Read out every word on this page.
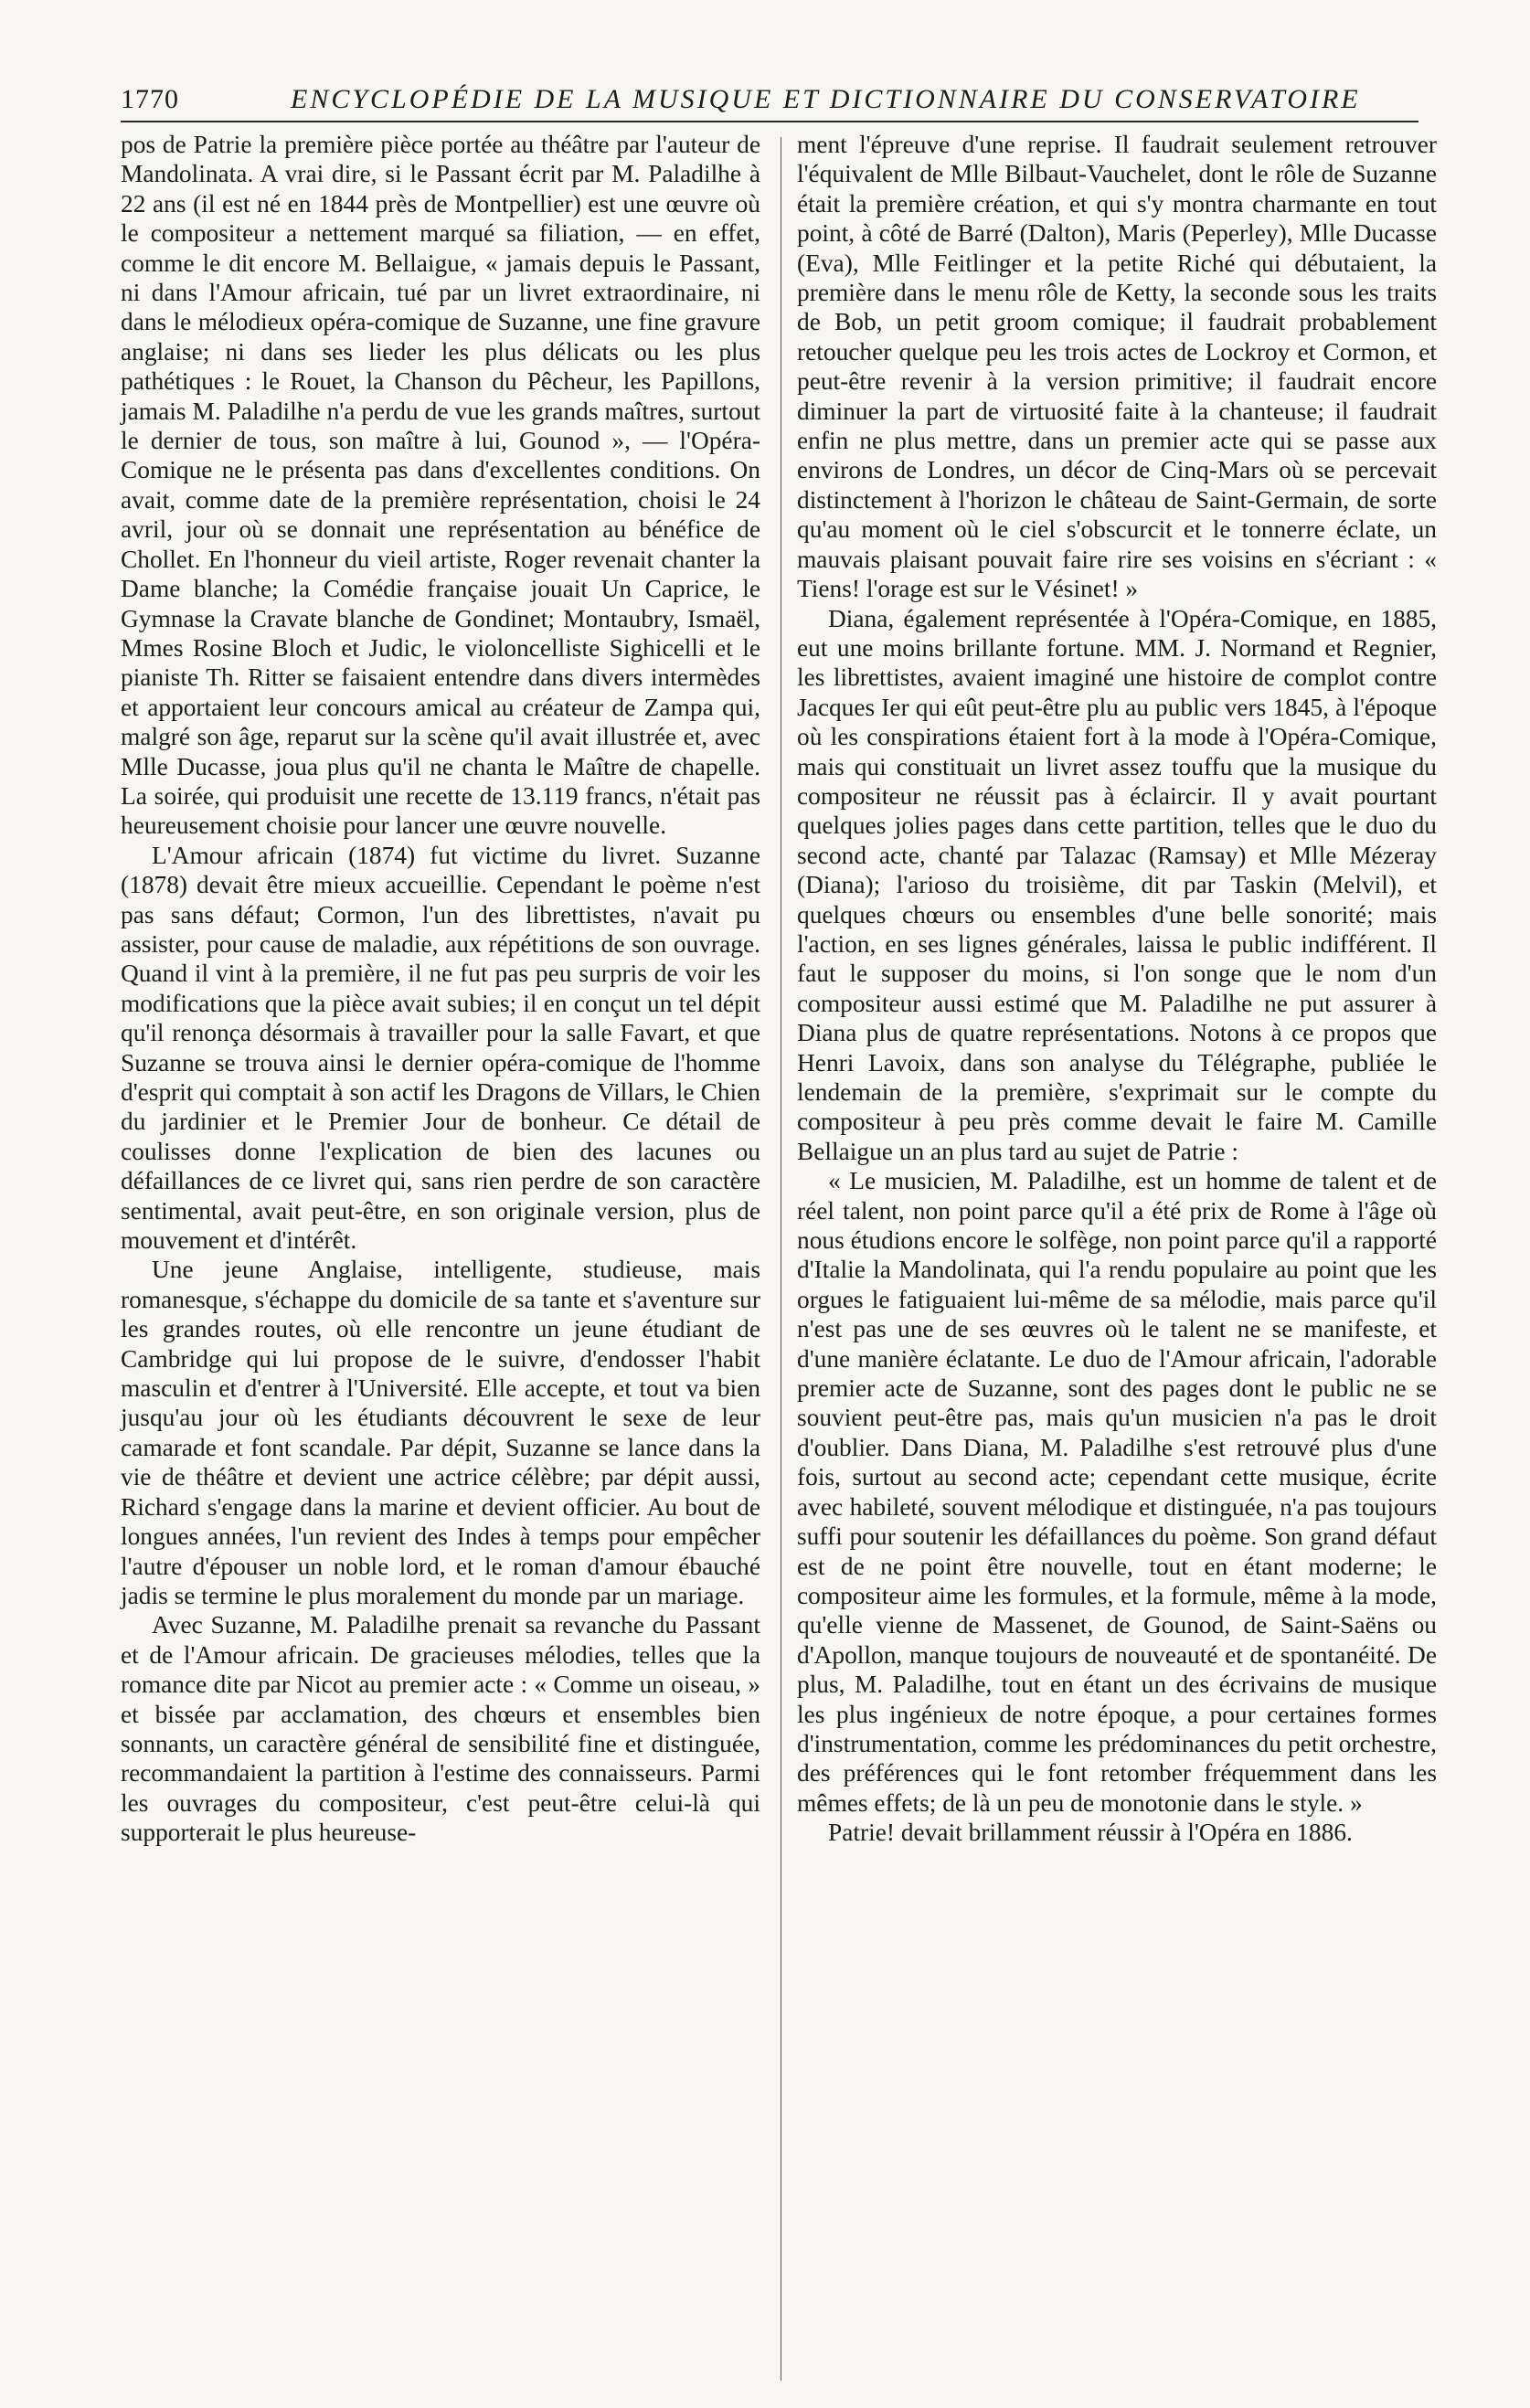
1770	ENCYCLOPÉDIE DE LA MUSIQUE ET DICTIONNAIRE DU CONSERVATOIRE

pos de Patrie la première pièce portée au théâtre par l'auteur de Mandolinata. A vrai dire, si le Passant écrit par M. Paladilhe à 22 ans (il est né en 1844 près de Montpellier) est une œuvre où le compositeur a nettement marqué sa filiation, — en effet, comme le dit encore M. Bellaigue, « jamais depuis le Passant, ni dans l'Amour africain, tué par un livret extraordinaire, ni dans le mélodieux opéra-comique de Suzanne, une fine gravure anglaise; ni dans ses lieder les plus délicats ou les plus pathétiques : le Rouet, la Chanson du Pêcheur, les Papillons, jamais M. Paladilhe n'a perdu de vue les grands maîtres, surtout le dernier de tous, son maître à lui, Gounod », — l'Opéra-Comique ne le présenta pas dans d'excellentes conditions. On avait, comme date de la première représentation, choisi le 24 avril, jour où se donnait une représentation au bénéfice de Chollet. En l'honneur du vieil artiste, Roger revenait chanter la Dame blanche; la Comédie française jouait Un Caprice, le Gymnase la Cravate blanche de Gondinet; Montaubry, Ismaël, Mmes Rosine Bloch et Judic, le violoncelliste Sighicelli et le pianiste Th. Ritter se faisaient entendre dans divers intermèdes et apportaient leur concours amical au créateur de Zampa qui, malgré son âge, reparut sur la scène qu'il avait illustrée et, avec Mlle Ducasse, joua plus qu'il ne chanta le Maître de chapelle. La soirée, qui produisit une recette de 13.119 francs, n'était pas heureusement choisie pour lancer une œuvre nouvelle.

L'Amour africain (1874) fut victime du livret. Suzanne (1878) devait être mieux accueillie. Cependant le poème n'est pas sans défaut; Cormon, l'un des librettistes, n'avait pu assister, pour cause de maladie, aux répétitions de son ouvrage. Quand il vint à la première, il ne fut pas peu surpris de voir les modifications que la pièce avait subies; il en conçut un tel dépit qu'il renonça désormais à travailler pour la salle Favart, et que Suzanne se trouva ainsi le dernier opéra-comique de l'homme d'esprit qui comptait à son actif les Dragons de Villars, le Chien du jardinier et le Premier Jour de bonheur. Ce détail de coulisses donne l'explication de bien des lacunes ou défaillances de ce livret qui, sans rien perdre de son caractère sentimental, avait peut-être, en son originale version, plus de mouvement et d'intérêt.

Une jeune Anglaise, intelligente, studieuse, mais romanesque, s'échappe du domicile de sa tante et s'aventure sur les grandes routes, où elle rencontre un jeune étudiant de Cambridge qui lui propose de le suivre, d'endosser l'habit masculin et d'entrer à l'Université. Elle accepte, et tout va bien jusqu'au jour où les étudiants découvrent le sexe de leur camarade et font scandale. Par dépit, Suzanne se lance dans la vie de théâtre et devient une actrice célèbre; par dépit aussi, Richard s'engage dans la marine et devient officier. Au bout de longues années, l'un revient des Indes à temps pour empêcher l'autre d'épouser un noble lord, et le roman d'amour ébauché jadis se termine le plus moralement du monde par un mariage.

Avec Suzanne, M. Paladilhe prenait sa revanche du Passant et de l'Amour africain. De gracieuses mélodies, telles que la romance dite par Nicot au premier acte : « Comme un oiseau, » et bissée par acclamation, des chœurs et ensembles bien sonnants, un caractère général de sensibilité fine et distinguée, recommandaient la partition à l'estime des connaisseurs. Parmi les ouvrages du compositeur, c'est peut-être celui-là qui supporterait le plus heureuse-

ment l'épreuve d'une reprise. Il faudrait seulement retrouver l'équivalent de Mlle Bilbaut-Vauchelet, dont le rôle de Suzanne était la première création, et qui s'y montra charmante en tout point, à côté de Barré (Dalton), Maris (Peperley), Mlle Ducasse (Eva), Mlle Feitlinger et la petite Riché qui débutaient, la première dans le menu rôle de Ketty, la seconde sous les traits de Bob, un petit groom comique; il faudrait probablement retoucher quelque peu les trois actes de Lockroy et Cormon, et peut-être revenir à la version primitive; il faudrait encore diminuer la part de virtuosité faite à la chanteuse; il faudrait enfin ne plus mettre, dans un premier acte qui se passe aux environs de Londres, un décor de Cinq-Mars où se percevait distinctement à l'horizon le château de Saint-Germain, de sorte qu'au moment où le ciel s'obscurcit et le tonnerre éclate, un mauvais plaisant pouvait faire rire ses voisins en s'écriant : « Tiens! l'orage est sur le Vésinet! »

Diana, également représentée à l'Opéra-Comique, en 1885, eut une moins brillante fortune. MM. J. Normand et Regnier, les librettistes, avaient imaginé une histoire de complot contre Jacques Ier qui eût peut-être plu au public vers 1845, à l'époque où les conspirations étaient fort à la mode à l'Opéra-Comique, mais qui constituait un livret assez touffu que la musique du compositeur ne réussit pas à éclaircir. Il y avait pourtant quelques jolies pages dans cette partition, telles que le duo du second acte, chanté par Talazac (Ramsay) et Mlle Mézeray (Diana); l'arioso du troisième, dit par Taskin (Melvil), et quelques chœurs ou ensembles d'une belle sonorité; mais l'action, en ses lignes générales, laissa le public indifférent. Il faut le supposer du moins, si l'on songe que le nom d'un compositeur aussi estimé que M. Paladilhe ne put assurer à Diana plus de quatre représentations. Notons à ce propos que Henri Lavoix, dans son analyse du Télégraphe, publiée le lendemain de la première, s'exprimait sur le compte du compositeur à peu près comme devait le faire M. Camille Bellaigue un an plus tard au sujet de Patrie :

« Le musicien, M. Paladilhe, est un homme de talent et de réel talent, non point parce qu'il a été prix de Rome à l'âge où nous étudions encore le solfège, non point parce qu'il a rapporté d'Italie la Mandolinata, qui l'a rendu populaire au point que les orgues le fatiguaient lui-même de sa mélodie, mais parce qu'il n'est pas une de ses œuvres où le talent ne se manifeste, et d'une manière éclatante. Le duo de l'Amour africain, l'adorable premier acte de Suzanne, sont des pages dont le public ne se souvient peut-être pas, mais qu'un musicien n'a pas le droit d'oublier. Dans Diana, M. Paladilhe s'est retrouvé plus d'une fois, surtout au second acte; cependant cette musique, écrite avec habileté, souvent mélodique et distinguée, n'a pas toujours suffi pour soutenir les défaillances du poème. Son grand défaut est de ne point être nouvelle, tout en étant moderne; le compositeur aime les formules, et la formule, même à la mode, qu'elle vienne de Massenet, de Gounod, de Saint-Saëns ou d'Apollon, manque toujours de nouveauté et de spontanéité. De plus, M. Paladilhe, tout en étant un des écrivains de musique les plus ingénieux de notre époque, a pour certaines formes d'instrumentation, comme les prédominances du petit orchestre, des préférences qui le font retomber fréquemment dans les mêmes effets; de là un peu de monotonie dans le style. »

Patrie! devait brillamment réussir à l'Opéra en 1886.
